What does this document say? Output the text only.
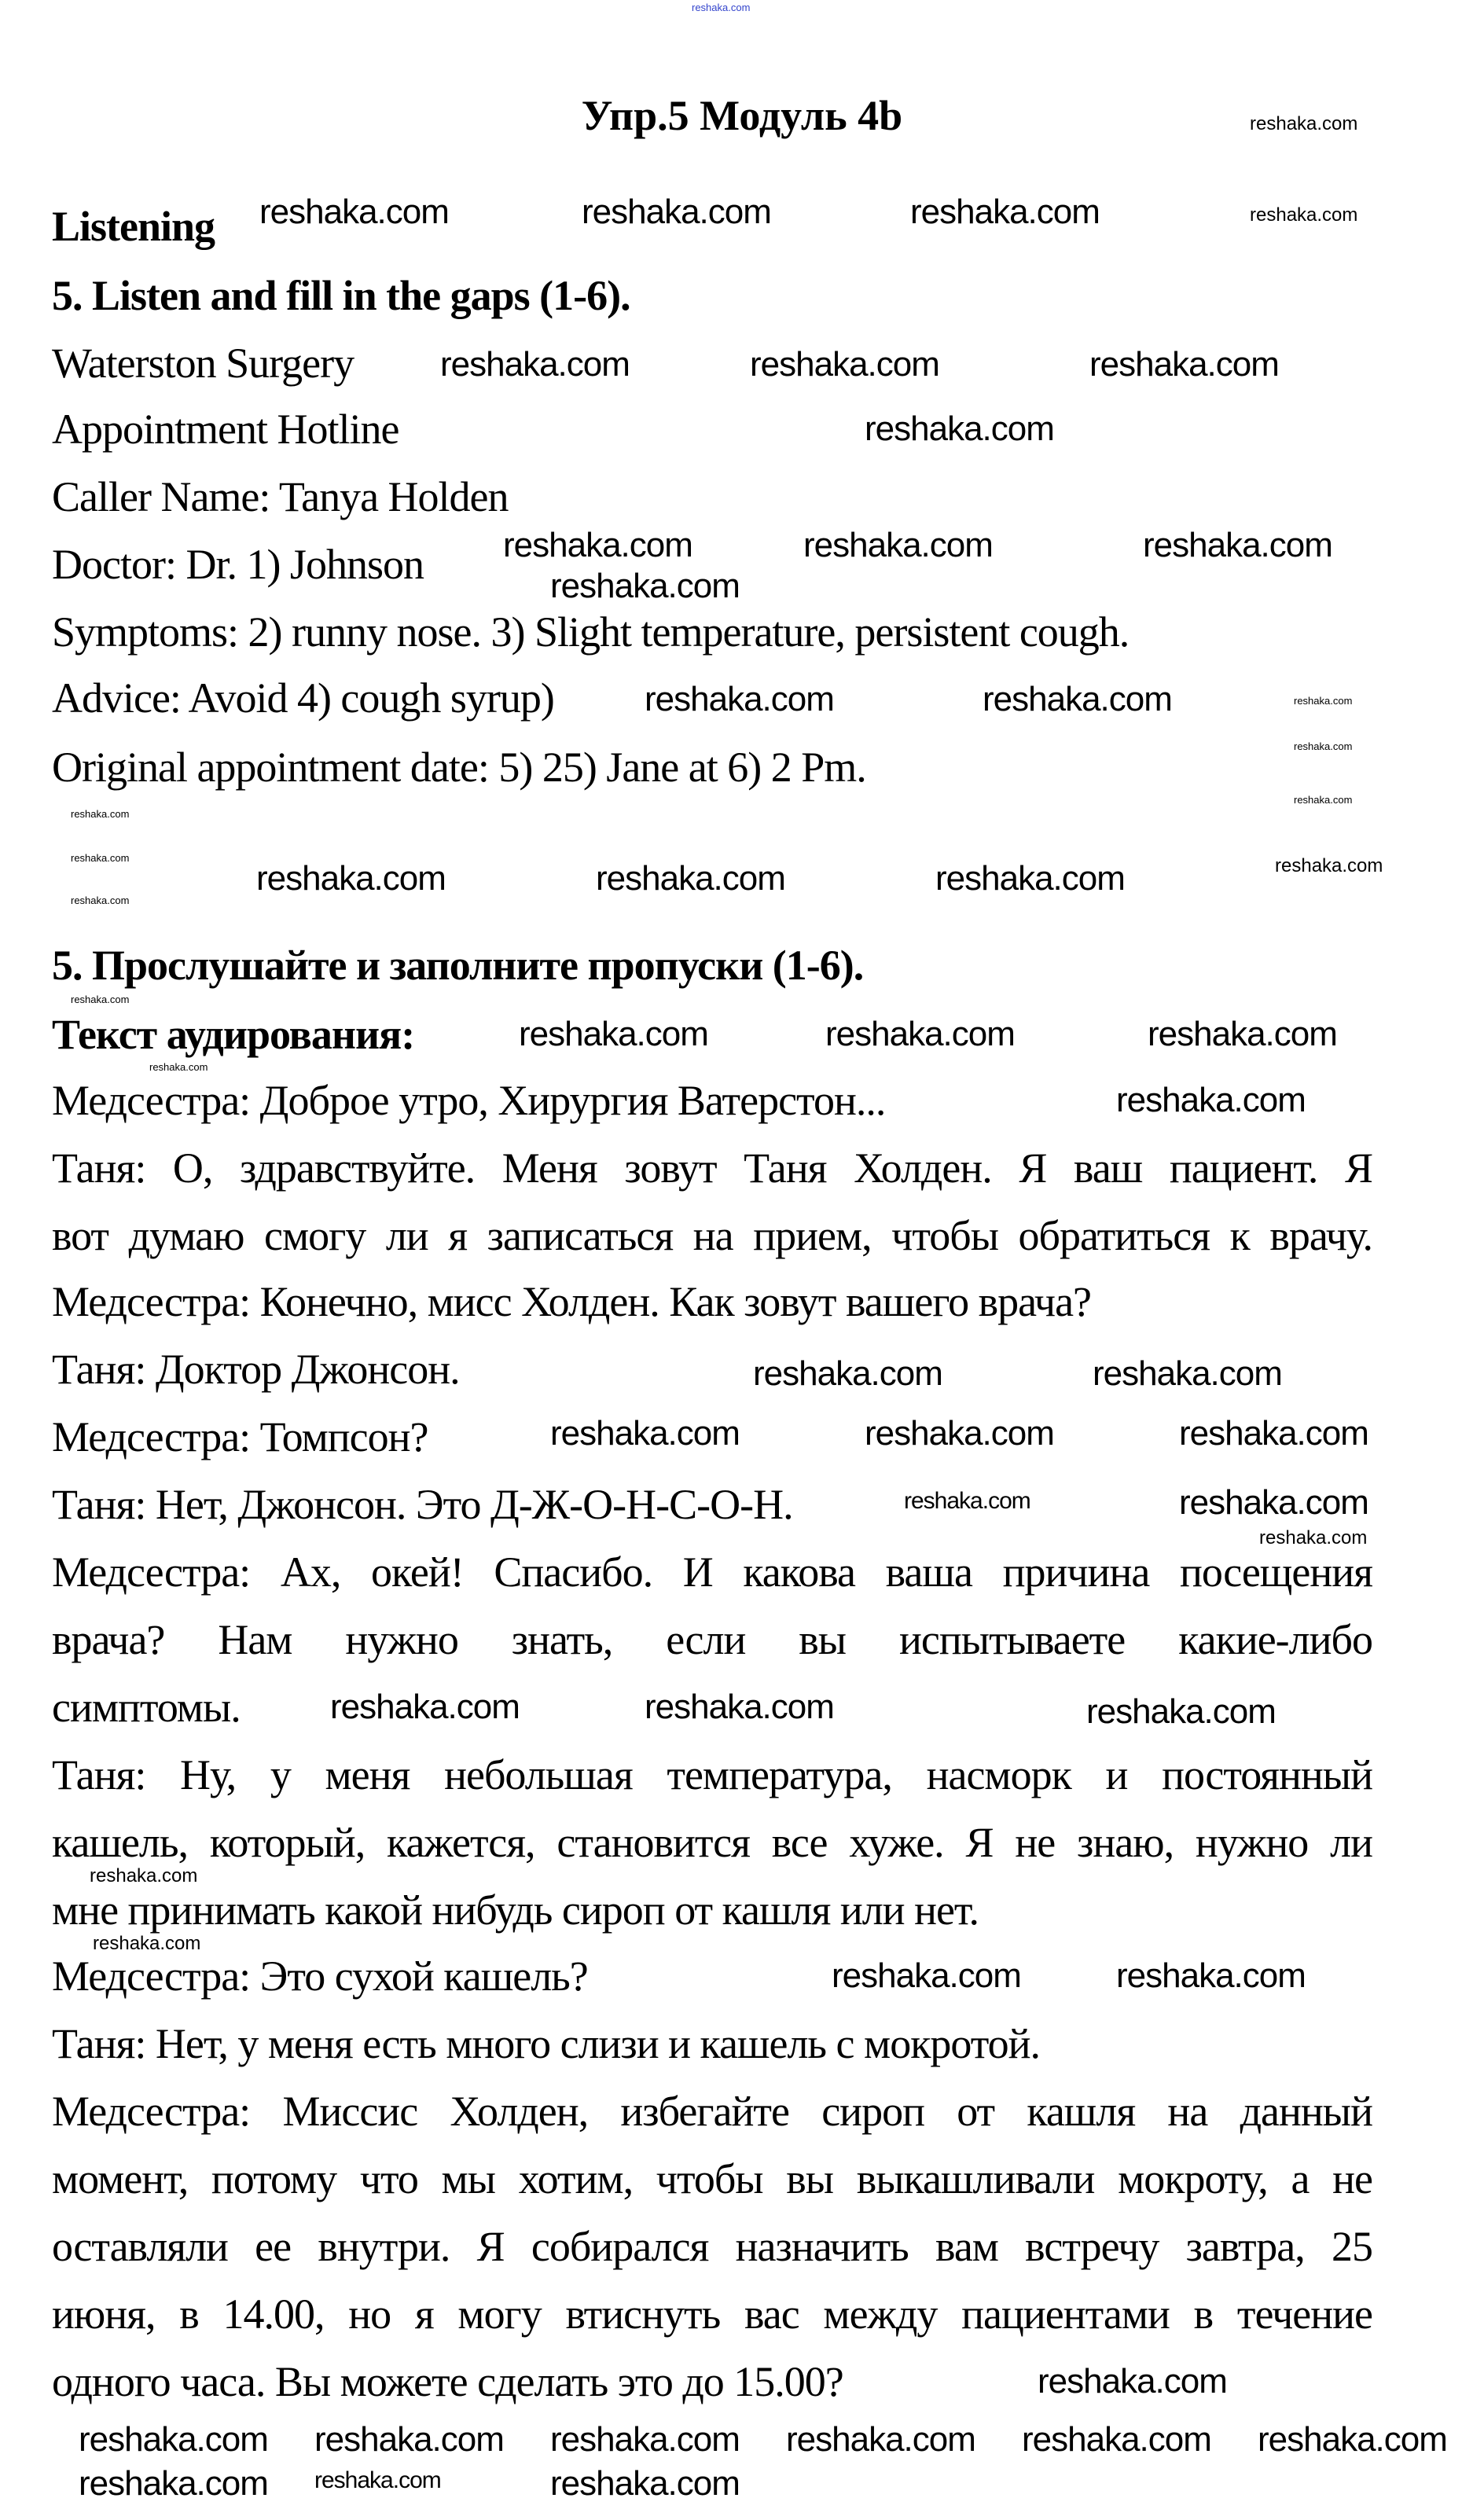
Упр.5 Модуль 4b
Listening
5. Listen and fill in the gaps (1-6).
Waterston Surgery
Appointment Hotline
Caller Name: Tanya Holden
Doctor: Dr. 1) Johnson
Symptoms: 2) runny nose. 3) Slight temperature, persistent cough.
Advice: Avoid 4) cough syrup)
Original appointment date: 5) 25) Jane at 6) 2 Pm.
5. Прослушайте и заполните пропуски (1-6).
Текст аудирования:
Медсестра: Доброе утро, Хирургия Ватерстон...
Таня: О, здравствуйте. Меня зовут Таня Холден. Я ваш пациент. Я
вот думаю смогу ли я записаться на прием, чтобы обратиться к врачу.
Медсестра: Конечно, мисс Холден. Как зовут вашего врача?
Таня: Доктор Джонсон.
Медсестра: Томпсон?
Таня: Нет, Джонсон. Это Д-Ж-О-Н-С-О-Н.
Медсестра: Ах, окей! Спасибо. И какова ваша причина посещения
врача? Нам нужно знать, если вы испытываете какие-либо
симптомы.
Таня: Ну, у меня небольшая температура, насморк и постоянный
кашель, который, кажется, становится все хуже. Я не знаю, нужно ли
мне принимать какой нибудь сироп от кашля или нет.
Медсестра: Это сухой кашель?
Таня: Нет, у меня есть много слизи и кашель с мокротой.
Медсестра: Миссис Холден, избегайте сироп от кашля на данный
момент, потому что мы хотим, чтобы вы выкашливали мокроту, а не
оставляли ее внутри. Я собирался назначить вам встречу завтра, 25
июня, в 14.00, но я могу втиснуть вас между пациентами в течение
одного часа. Вы можете сделать это до 15.00?
reshaka.com
reshaka.com
reshaka.com	reshaka.com	reshaka.com	reshaka.com
reshaka.com	reshaka.com	reshaka.com
reshaka.com
reshaka.com	reshaka.com	reshaka.com
reshaka.com
reshaka.com	reshaka.com	reshaka.com
reshaka.com
reshaka.com
reshaka.com
reshaka.com
reshaka.com
reshaka.com	reshaka.com	reshaka.com	reshaka.com
reshaka.com
reshaka.com
reshaka.com	reshaka.com	reshaka.com
reshaka.com
reshaka.com	reshaka.com
reshaka.com	reshaka.com	reshaka.com
reshaka.com	reshaka.com
reshaka.com
reshaka.com	reshaka.com	reshaka.com
reshaka.com
reshaka.com
reshaka.com	reshaka.com
reshaka.com
reshaka.com reshaka.com reshaka.com reshaka.com reshaka.com reshaka.com
reshaka.com reshaka.com	reshaka.com
